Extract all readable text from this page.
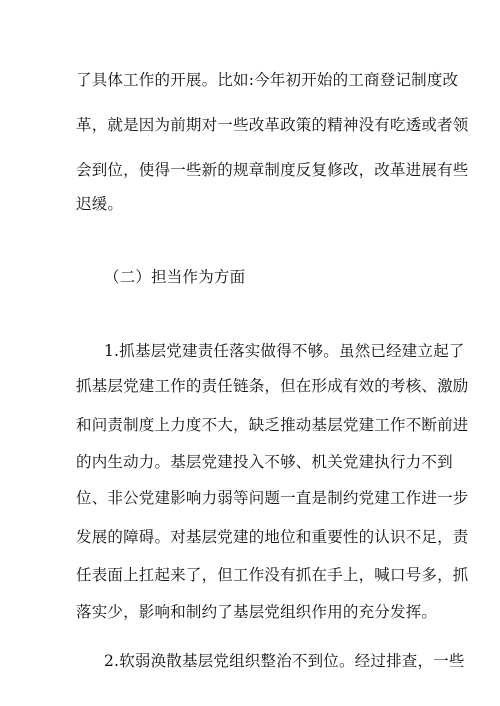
了具体工作的开展。比如:今年初开始的工商登记制度改
革，就是因为前期对一些改革政策的精神没有吃透或者领
会到位，使得一些新的规章制度反复修改，改革进展有些
迟缓。
（二）担当作为方面
1.抓基层党建责任落实做得不够。虽然已经建立起了
抓基层党建工作的责任链条，但在形成有效的考核、激励
和问责制度上力度不大，缺乏推动基层党建工作不断前进
的内生动力。基层党建投入不够、机关党建执行力不到
位、非公党建影响力弱等问题一直是制约党建工作进一步
发展的障碍。对基层党建的地位和重要性的认识不足，责
任表面上扛起来了，但工作没有抓在手上，喊口号多，抓
落实少，影响和制约了基层党组织作用的充分发挥。
2.软弱涣散基层党组织整治不到位。经过排查，一些
